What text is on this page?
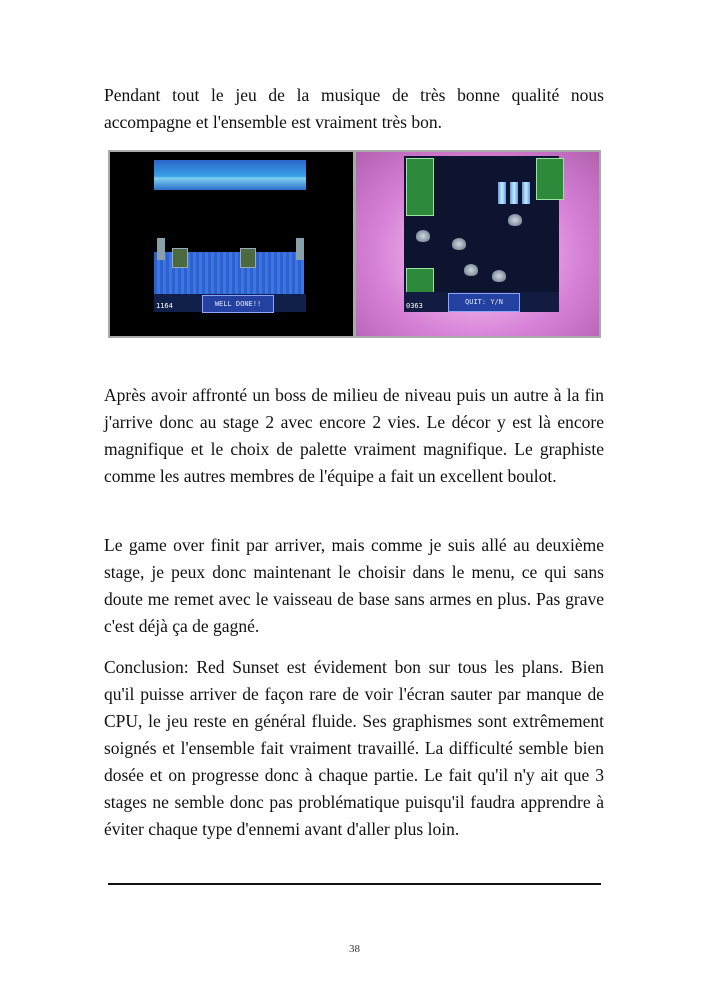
Pendant tout le jeu de la musique de très bonne qualité nous accompagne et l'ensemble est vraiment très bon.

WELL DONE!!
1164	QUIT: Y/N
0363

Après avoir affronté un boss de milieu de niveau puis un autre à la fin j'arrive donc au stage 2 avec encore 2 vies. Le décor y est là encore magnifique et le choix de palette vraiment magnifique. Le graphiste comme les autres membres de l'équipe a fait un excellent boulot.

Le game over finit par arriver, mais comme je suis allé au deuxième stage, je peux donc maintenant le choisir dans le menu, ce qui sans doute me remet avec le vaisseau de base sans armes en plus. Pas grave c'est déjà ça de gagné.

Conclusion: Red Sunset est évidement bon sur tous les plans. Bien qu'il puisse arriver de façon rare de voir l'écran sauter par manque de CPU, le jeu reste en général fluide. Ses graphismes sont extrêmement soignés et l'ensemble fait vraiment travaillé. La difficulté semble bien dosée et on progresse donc à chaque partie. Le fait qu'il n'y ait que 3 stages ne semble donc pas problématique puisqu'il faudra apprendre à éviter chaque type d'ennemi avant d'aller plus loin.

38
